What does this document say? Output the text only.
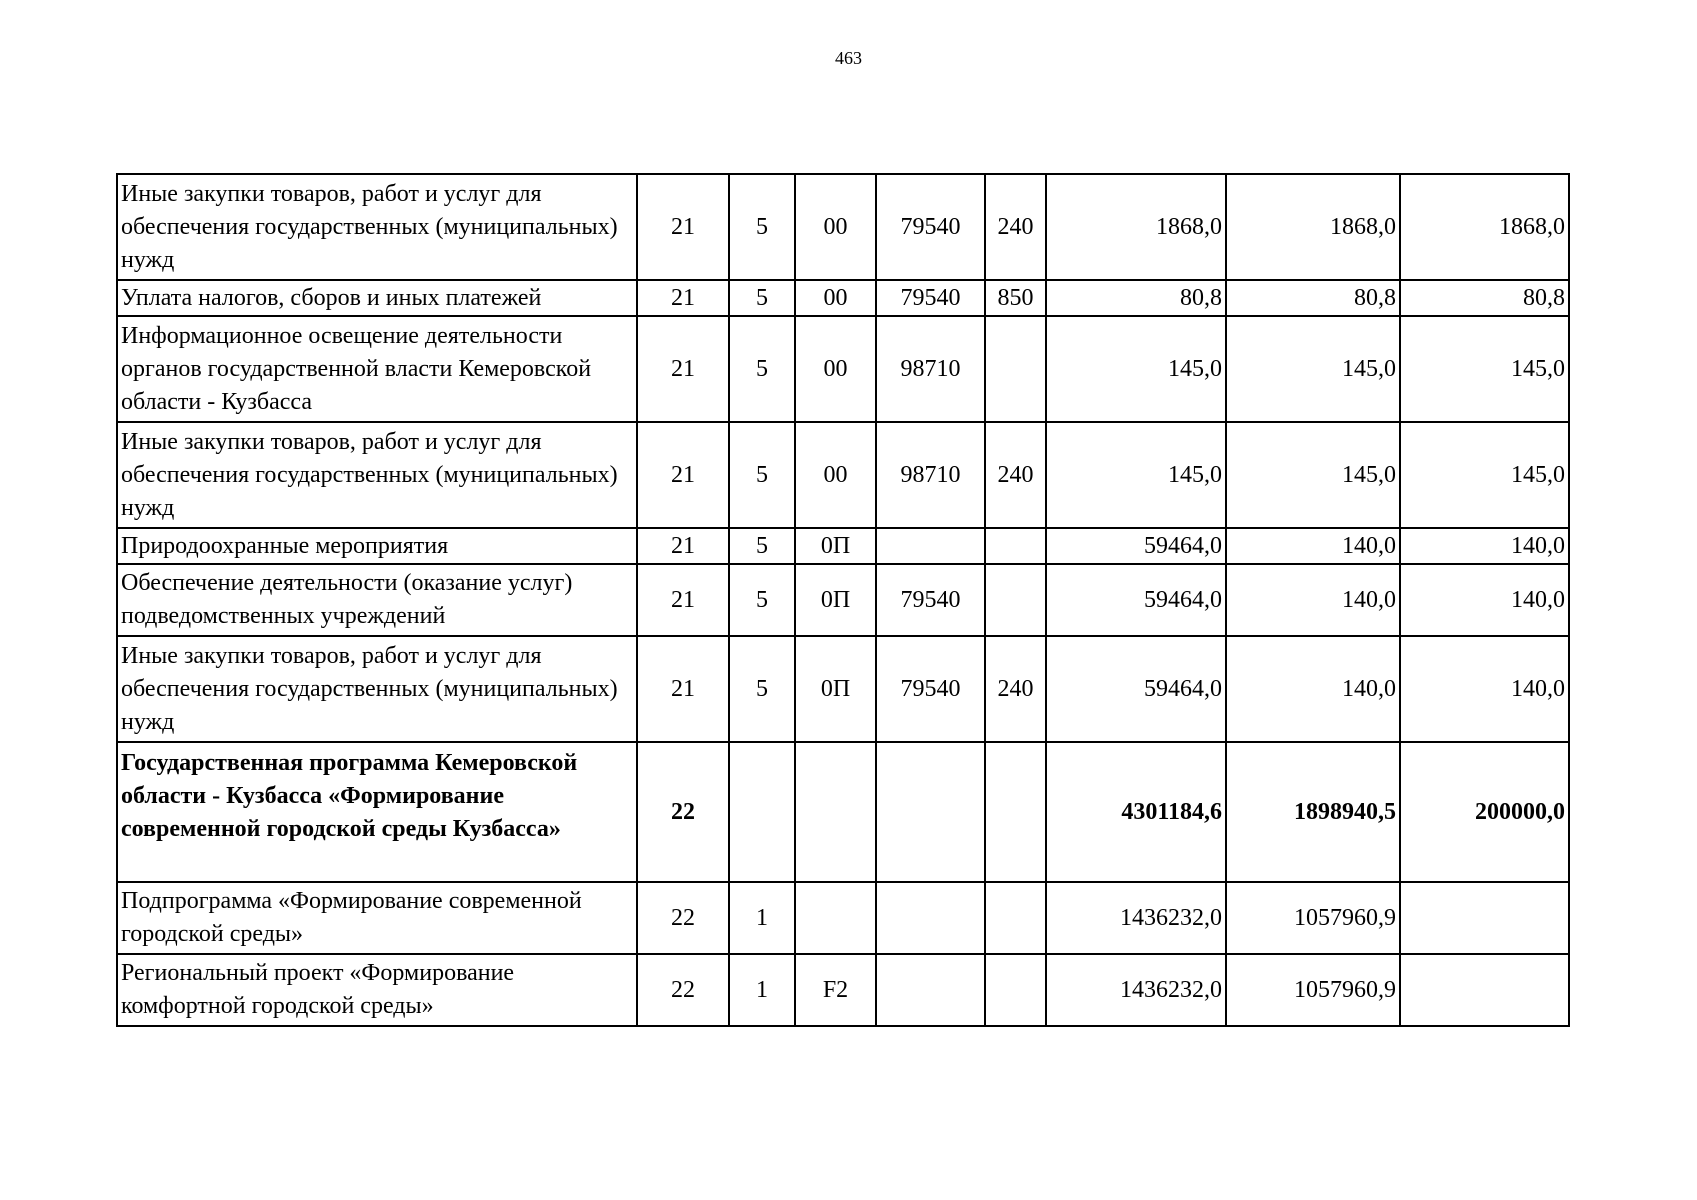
463
Иные закупки товаров, работ и услуг для обеспечения государственных (муниципальных) нужд	21	5	00	79540	240	1868,0	1868,0	1868,0
Уплата налогов, сборов и иных платежей	21	5	00	79540	850	80,8	80,8	80,8
Информационное освещение деятельности органов государственной власти Кемеровской области - Кузбасса	21	5	00	98710		145,0	145,0	145,0
Иные закупки товаров, работ и услуг для обеспечения государственных (муниципальных) нужд	21	5	00	98710	240	145,0	145,0	145,0
Природоохранные мероприятия	21	5	0П			59464,0	140,0	140,0
Обеспечение деятельности (оказание услуг) подведомственных учреждений	21	5	0П	79540		59464,0	140,0	140,0
Иные закупки товаров, работ и услуг для обеспечения государственных (муниципальных) нужд	21	5	0П	79540	240	59464,0	140,0	140,0
Государственная программа Кемеровской области - Кузбасса «Формирование современной городской среды Кузбасса»	22					4301184,6	1898940,5	200000,0
Подпрограмма «Формирование современной городской среды»	22	1				1436232,0	1057960,9	
Региональный проект «Формирование комфортной городской среды»	22	1	F2			1436232,0	1057960,9	
